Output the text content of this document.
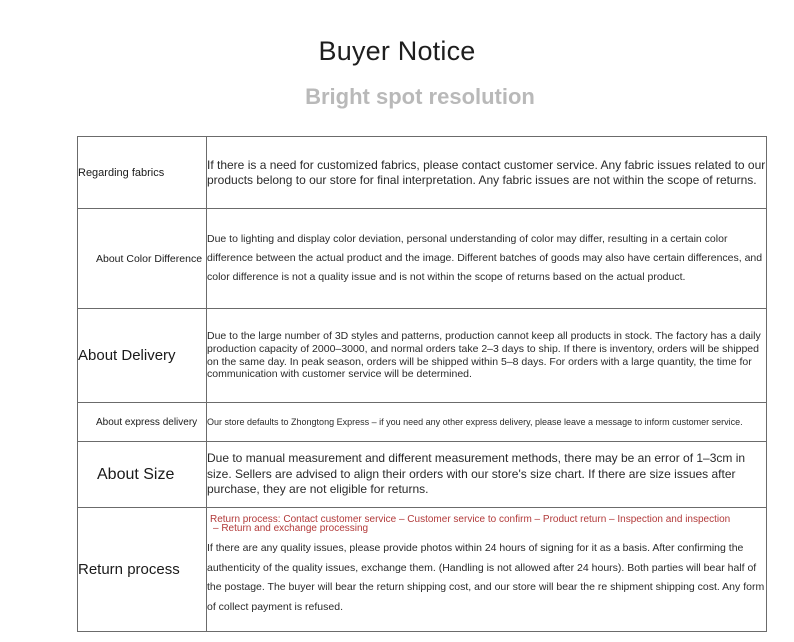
Buyer Notice
Bright spot resolution
Regarding fabrics	If there is a need for customized fabrics, please contact customer service. Any fabric issues related to our products belong to our store for final interpretation. Any fabric issues are not within the scope of returns.
About Color Difference	Due to lighting and display color deviation, personal understanding of color may differ, resulting in a certain color difference between the actual product and the image. Different batches of goods may also have certain differences, and color difference is not a quality issue and is not within the scope of returns based on the actual product.
About Delivery	Due to the large number of 3D styles and patterns, production cannot keep all products in stock. The factory has a daily production capacity of 2000–3000, and normal orders take 2–3 days to ship. If there is inventory, orders will be shipped on the same day. In peak season, orders will be shipped within 5–8 days. For orders with a large quantity, the time for communication with customer service will be determined.
About express delivery	Our store defaults to Zhongtong Express – if you need any other express delivery, please leave a message to inform customer service.
About Size	Due to manual measurement and different measurement methods, there may be an error of 1–3cm in size. Sellers are advised to align their orders with our store's size chart. If there are size issues after purchase, they are not eligible for returns.
Return process	Return process: Contact customer service – Customer service to confirm – Product return – Inspection and inspection
– Return and exchange processing
If there are any quality issues, please provide photos within 24 hours of signing for it as a basis. After confirming the authenticity of the quality issues, exchange them. (Handling is not allowed after 24 hours). Both parties will bear half of the postage. The buyer will bear the return shipping cost, and our store will bear the re shipment shipping cost. Any form of collect payment is refused.
